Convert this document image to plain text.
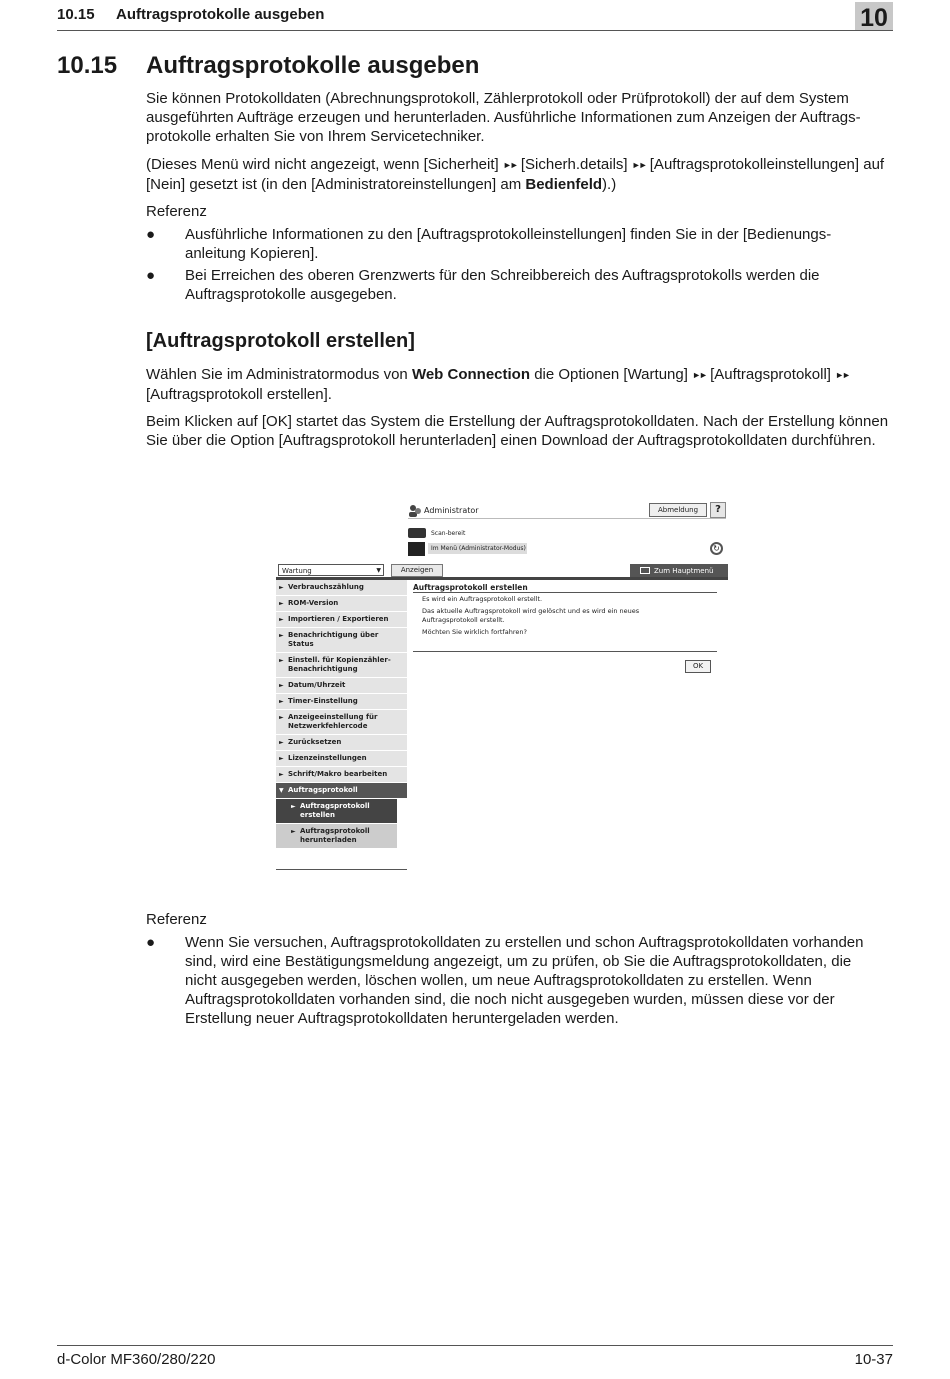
10.15 Auftragsprotokolle ausgeben	10
10.15 Auftragsprotokolle ausgeben
Sie können Protokolldaten (Abrechnungsprotokoll, Zählerprotokoll oder Prüfprotokoll) der auf dem System ausgeführten Aufträge erzeugen und herunterladen. Ausführliche Informationen zum Anzeigen der Auftrags-protokolle erhalten Sie von Ihrem Servicetechniker.
(Dieses Menü wird nicht angezeigt, wenn [Sicherheit] ►► [Sicherh.details] ►► [Auftragsprotokolleinstellungen] auf [Nein] gesetzt ist (in den [Administratoreinstellungen] am Bedienfeld).)
Referenz
● Ausführliche Informationen zu den [Auftragsprotokolleinstellungen] finden Sie in der [Bedienungs-anleitung Kopieren].
● Bei Erreichen des oberen Grenzwerts für den Schreibbereich des Auftragsprotokolls werden die Auftragsprotokolle ausgegeben.
[Auftragsprotokoll erstellen]
Wählen Sie im Administratormodus von Web Connection die Optionen [Wartung] ►► [Auftragsprotokoll] ►► [Auftragsprotokoll erstellen].
Beim Klicken auf [OK] startet das System die Erstellung der Auftragsprotokolldaten. Nach der Erstellung können Sie über die Option [Auftragsprotokoll herunterladen] einen Download der Auftragsprotokolldaten durchführen.
Administrator	Abmeldung	?
Scan-bereit
Im Menü (Administrator-Modus)	↻
Wartung	▼	Anzeigen	Zum Hauptmenü
► Verbrauchszählung
► ROM-Version
► Importieren / Exportieren
► Benachrichtigung über Status
► Einstell. für Kopienzähler-Benachrichtigung
► Datum/Uhrzeit
► Timer-Einstellung
► Anzeigeeinstellung für Netzwerkfehlercode
► Zurücksetzen
► Lizenzeinstellungen
► Schrift/Makro bearbeiten
▼ Auftragsprotokoll
► Auftragsprotokoll erstellen
► Auftragsprotokoll herunterladen
Auftragsprotokoll erstellen
Es wird ein Auftragsprotokoll erstellt.
Das aktuelle Auftragsprotokoll wird gelöscht und es wird ein neues Auftragsprotokoll erstellt.
Möchten Sie wirklich fortfahren?
OK
Referenz
● Wenn Sie versuchen, Auftragsprotokolldaten zu erstellen und schon Auftragsprotokolldaten vorhanden sind, wird eine Bestätigungsmeldung angezeigt, um zu prüfen, ob Sie die Auftragsprotokolldaten, die nicht ausgegeben werden, löschen wollen, um neue Auftragsprotokolldaten zu erstellen. Wenn Auftragsprotokolldaten vorhanden sind, die noch nicht ausgegeben wurden, müssen diese vor der Erstellung neuer Auftragsprotokolldaten heruntergeladen werden.
d-Color MF360/280/220	10-37
